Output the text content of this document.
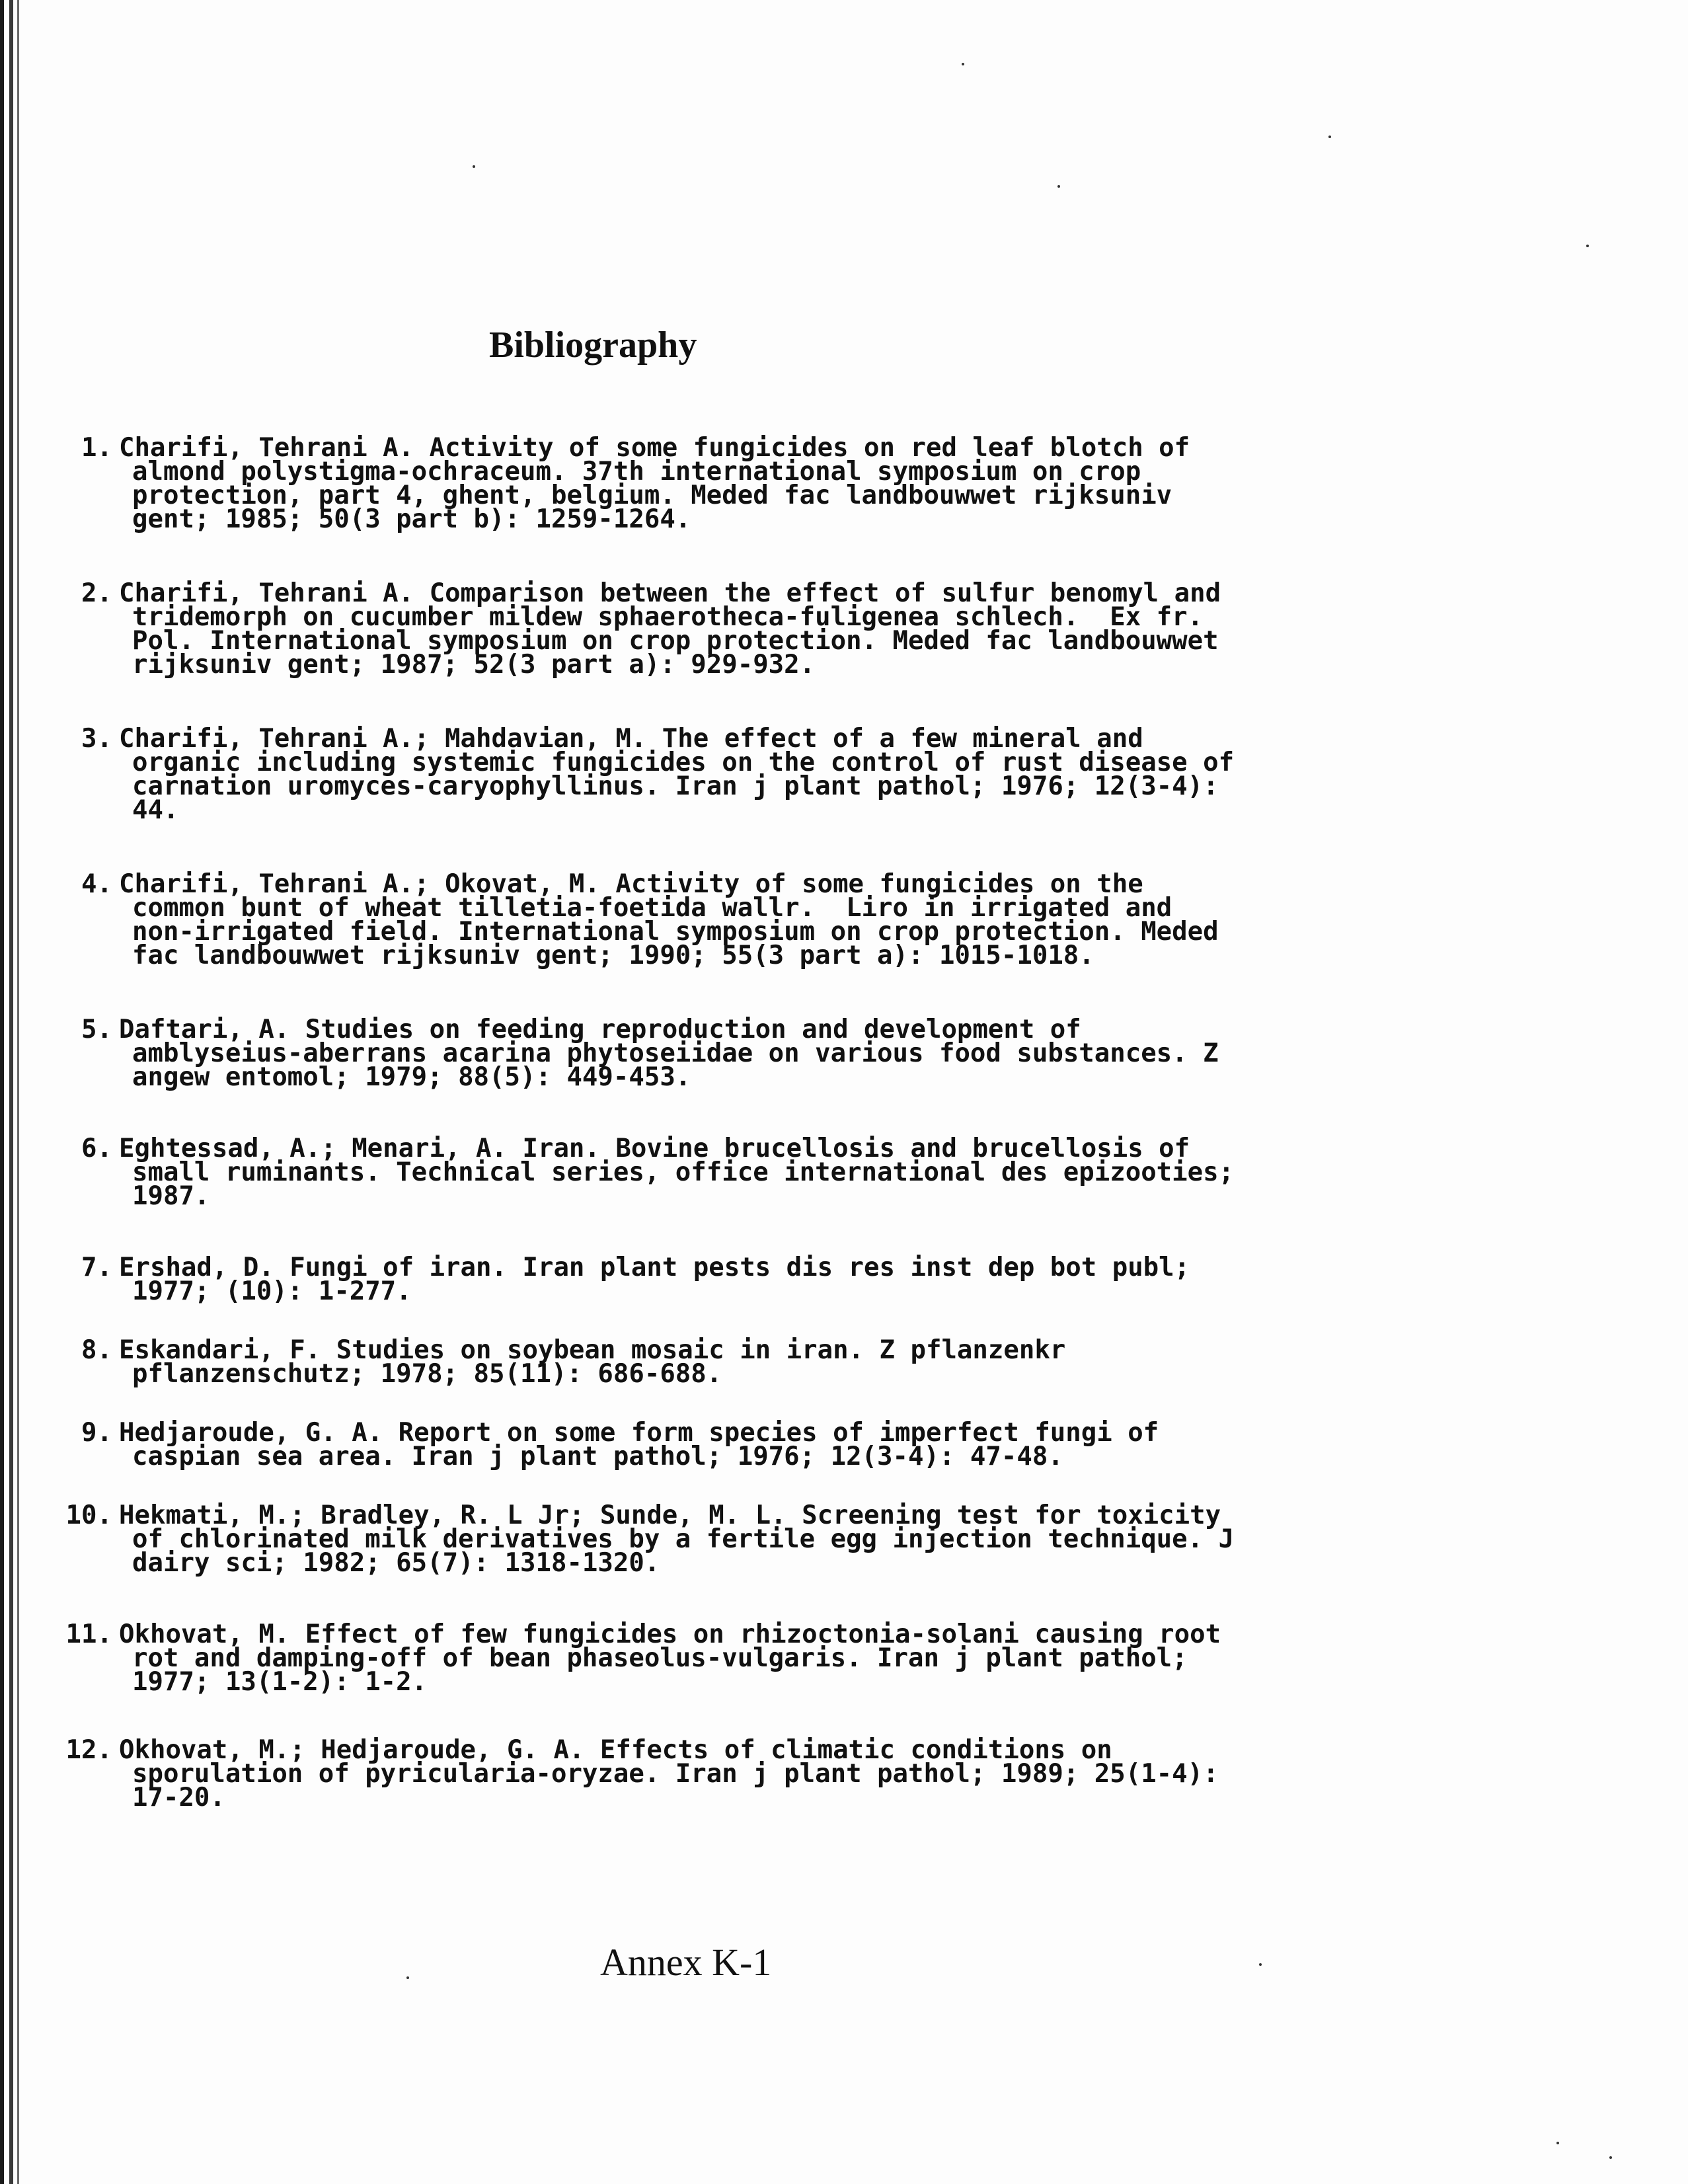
Bibliography
1. Charifi, Tehrani A. Activity of some fungicides on red leaf blotch of
almond polystigma-ochraceum. 37th international symposium on crop
protection, part 4, ghent, belgium. Meded fac landbouwwet rijksuniv
gent; 1985; 50(3 part b): 1259-1264.
2. Charifi, Tehrani A. Comparison between the effect of sulfur benomyl and
tridemorph on cucumber mildew sphaerotheca-fuligenea schlech.  Ex fr.
Pol. International symposium on crop protection. Meded fac landbouwwet
rijksuniv gent; 1987; 52(3 part a): 929-932.
3. Charifi, Tehrani A.; Mahdavian, M. The effect of a few mineral and
organic including systemic fungicides on the control of rust disease of
carnation uromyces-caryophyllinus. Iran j plant pathol; 1976; 12(3-4):
44.
4. Charifi, Tehrani A.; Okovat, M. Activity of some fungicides on the
common bunt of wheat tilletia-foetida wallr.  Liro in irrigated and
non-irrigated field. International symposium on crop protection. Meded
fac landbouwwet rijksuniv gent; 1990; 55(3 part a): 1015-1018.
5. Daftari, A. Studies on feeding reproduction and development of
amblyseius-aberrans acarina phytoseiidae on various food substances. Z
angew entomol; 1979; 88(5): 449-453.
6. Eghtessad, A.; Menari, A. Iran. Bovine brucellosis and brucellosis of
small ruminants. Technical series, office international des epizooties;
1987.
7. Ershad, D. Fungi of iran. Iran plant pests dis res inst dep bot publ;
1977; (10): 1-277.
8. Eskandari, F. Studies on soybean mosaic in iran. Z pflanzenkr
pflanzenschutz; 1978; 85(11): 686-688.
9. Hedjaroude, G. A. Report on some form species of imperfect fungi of
caspian sea area. Iran j plant pathol; 1976; 12(3-4): 47-48.
10. Hekmati, M.; Bradley, R. L Jr; Sunde, M. L. Screening test for toxicity
of chlorinated milk derivatives by a fertile egg injection technique. J
dairy sci; 1982; 65(7): 1318-1320.
11. Okhovat, M. Effect of few fungicides on rhizoctonia-solani causing root
rot and damping-off of bean phaseolus-vulgaris. Iran j plant pathol;
1977; 13(1-2): 1-2.
12. Okhovat, M.; Hedjaroude, G. A. Effects of climatic conditions on
sporulation of pyricularia-oryzae. Iran j plant pathol; 1989; 25(1-4):
17-20.
Annex K-1
